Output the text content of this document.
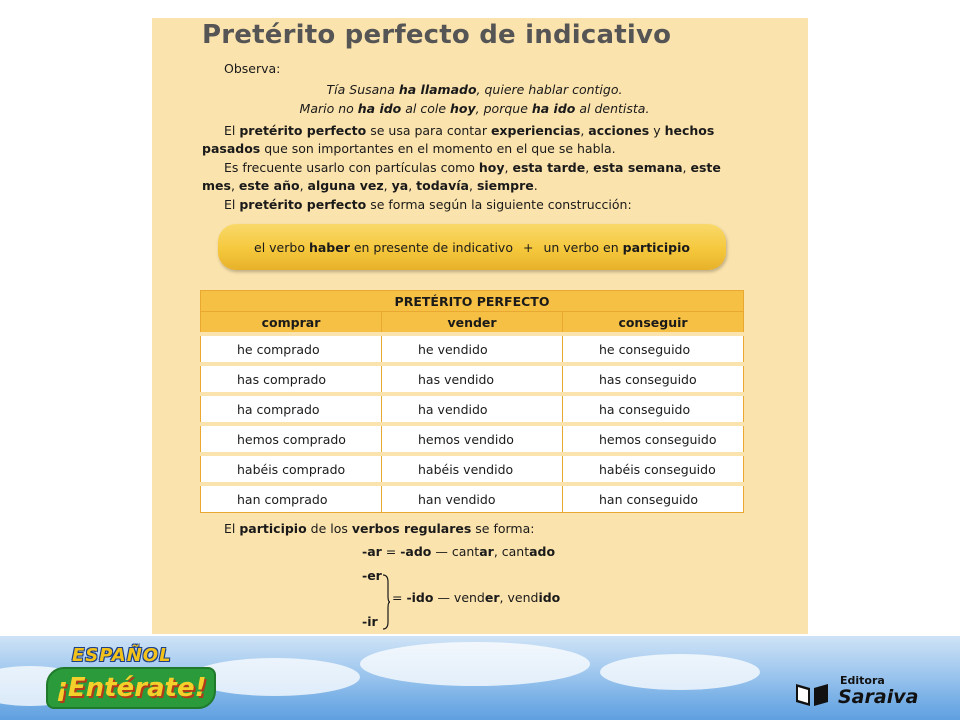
Pretérito perfecto de indicativo

Observa:

Tía Susana ha llamado, quiere hablar contigo.
Mario no ha ido al cole hoy, porque ha ido al dentista.

El pretérito perfecto se usa para contar experiencias, acciones y hechos pasados que son importantes en el momento en el que se habla.

Es frecuente usarlo con partículas como hoy, esta tarde, esta semana, este mes, este año, alguna vez, ya, todavía, siempre.

El pretérito perfecto se forma según la siguiente construcción:

el verbo haber en presente de indicativo + un verbo en participio
PRETÉRITO PERFECTO		
comprar	vender	conseguir
he comprado	he vendido	he conseguido
has comprado	has vendido	has conseguido
ha comprado	ha vendido	ha conseguido
hemos comprado	hemos vendido	hemos conseguido
habéis comprado	habéis vendido	habéis conseguido
han comprado	han vendido	han conseguido

El participio de los verbos regulares se forma:

-ar = -ado — cantar, cantado
-er
= -ido — vender, vendido
-ir
ESPAÑOL
¡Entérate!	Editora
Saraiva
